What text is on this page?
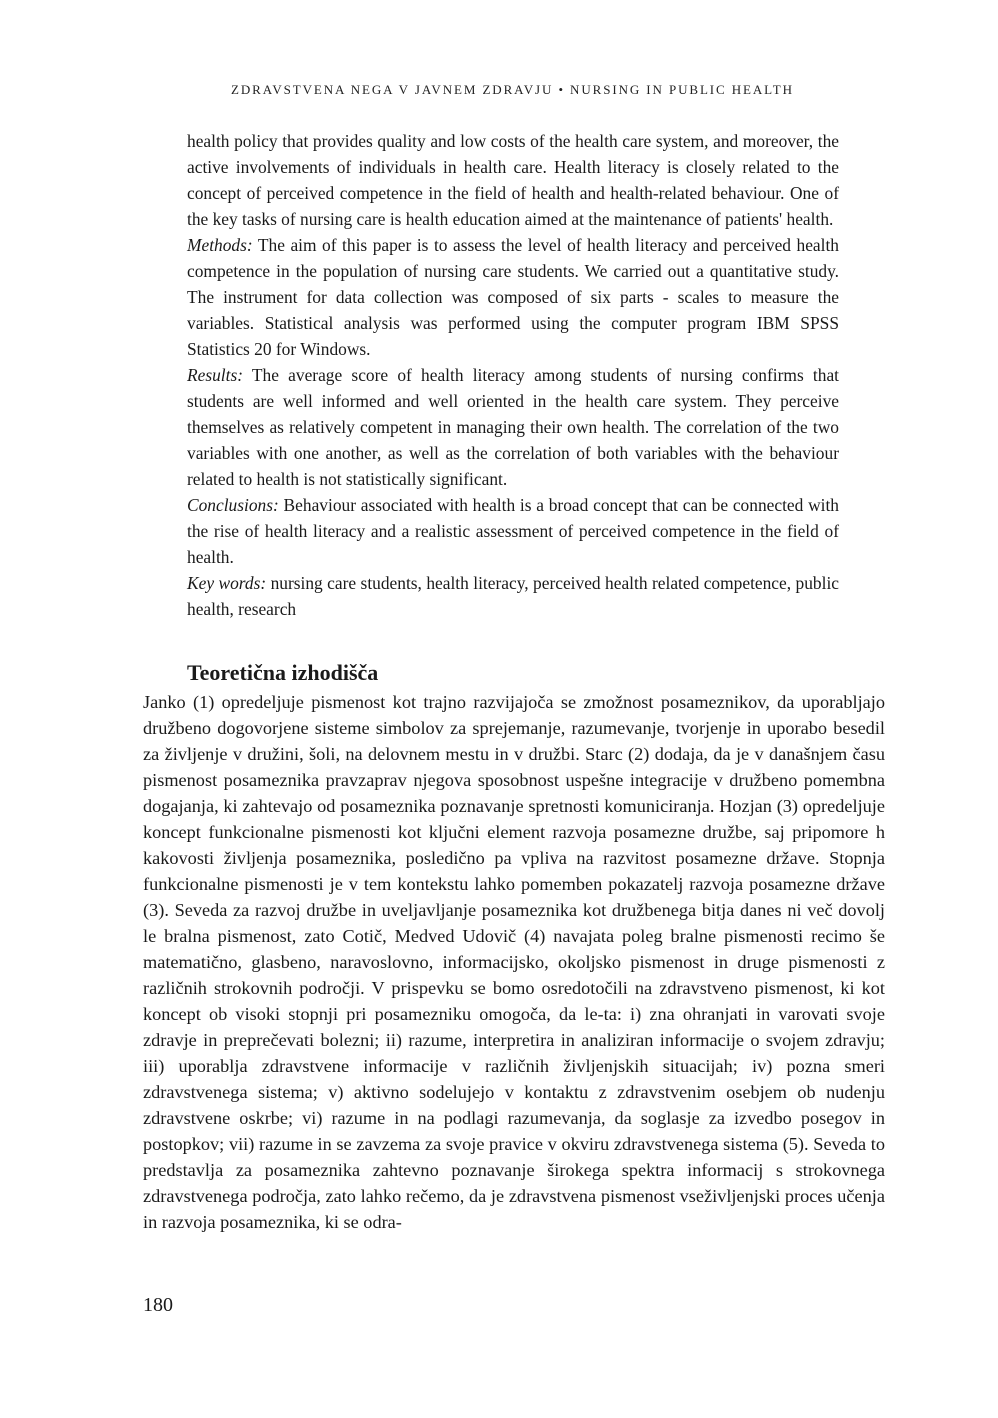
ZDRAVSTVENA NEGA V JAVNEM ZDRAVJU • NURSING IN PUBLIC HEALTH

health policy that provides quality and low costs of the health care system, and moreover, the active involvements of individuals in health care. Health literacy is closely related to the concept of perceived competence in the field of health and health-related behaviour. One of the key tasks of nursing care is health education aimed at the maintenance of patients' health.

Methods: The aim of this paper is to assess the level of health literacy and perceived health competence in the population of nursing care students. We carried out a quantitative study. The instrument for data collection was composed of six parts - scales to measure the variables. Statistical analysis was performed using the computer program IBM SPSS Statistics 20 for Windows.

Results: The average score of health literacy among students of nursing confirms that students are well informed and well oriented in the health care system. They perceive themselves as relatively competent in managing their own health. The correlation of the two variables with one another, as well as the correlation of both variables with the behaviour related to health is not statistically significant.

Conclusions: Behaviour associated with health is a broad concept that can be connected with the rise of health literacy and a realistic assessment of perceived competence in the field of health.

Key words: nursing care students, health literacy, perceived health related competence, public health, research

Teoretična izhodišča

Janko (1) opredeljuje pismenost kot trajno razvijajoča se zmožnost posameznikov, da uporabljajo družbeno dogovorjene sisteme simbolov za sprejemanje, razumevanje, tvorjenje in uporabo besedil za življenje v družini, šoli, na delovnem mestu in v družbi. Starc (2) dodaja, da je v današnjem času pismenost posameznika pravzaprav njegova sposobnost uspešne integracije v družbeno pomembna dogajanja, ki zahtevajo od posameznika poznavanje spretnosti komuniciranja. Hozjan (3) opredeljuje koncept funkcionalne pismenosti kot ključni element razvoja posamezne družbe, saj pripomore h kakovosti življenja posameznika, posledično pa vpliva na razvitost posamezne države. Stopnja funkcionalne pismenosti je v tem kontekstu lahko pomemben pokazatelj razvoja posamezne države (3). Seveda za razvoj družbe in uveljavljanje posameznika kot družbenega bitja danes ni več dovolj le bralna pismenost, zato Cotič, Medved Udovič (4) navajata poleg bralne pismenosti recimo še matematično, glasbeno, naravoslovno, informacijsko, okoljsko pismenost in druge pismenosti z različnih strokovnih področji. V prispevku se bomo osredotočili na zdravstveno pismenost, ki kot koncept ob visoki stopnji pri posamezniku omogoča, da le-ta: i) zna ohranjati in varovati svoje zdravje in preprečevati bolezni; ii) razume, interpretira in analiziran informacije o svojem zdravju; iii) uporablja zdravstvene informacije v različnih življenjskih situacijah; iv) pozna smeri zdravstvenega sistema; v) aktivno sodelujejo v kontaktu z zdravstvenim osebjem ob nudenju zdravstvene oskrbe; vi) razume in na podlagi razumevanja, da soglasje za izvedbo posegov in postopkov; vii) razume in se zavzema za svoje pravice v okviru zdravstvenega sistema (5). Seveda to predstavlja za posameznika zahtevno poznavanje širokega spektra informacij s strokovnega zdravstvenega področja, zato lahko rečemo, da je zdravstvena pismenost vseživljenjski proces učenja in razvoja posameznika, ki se odra-

180
